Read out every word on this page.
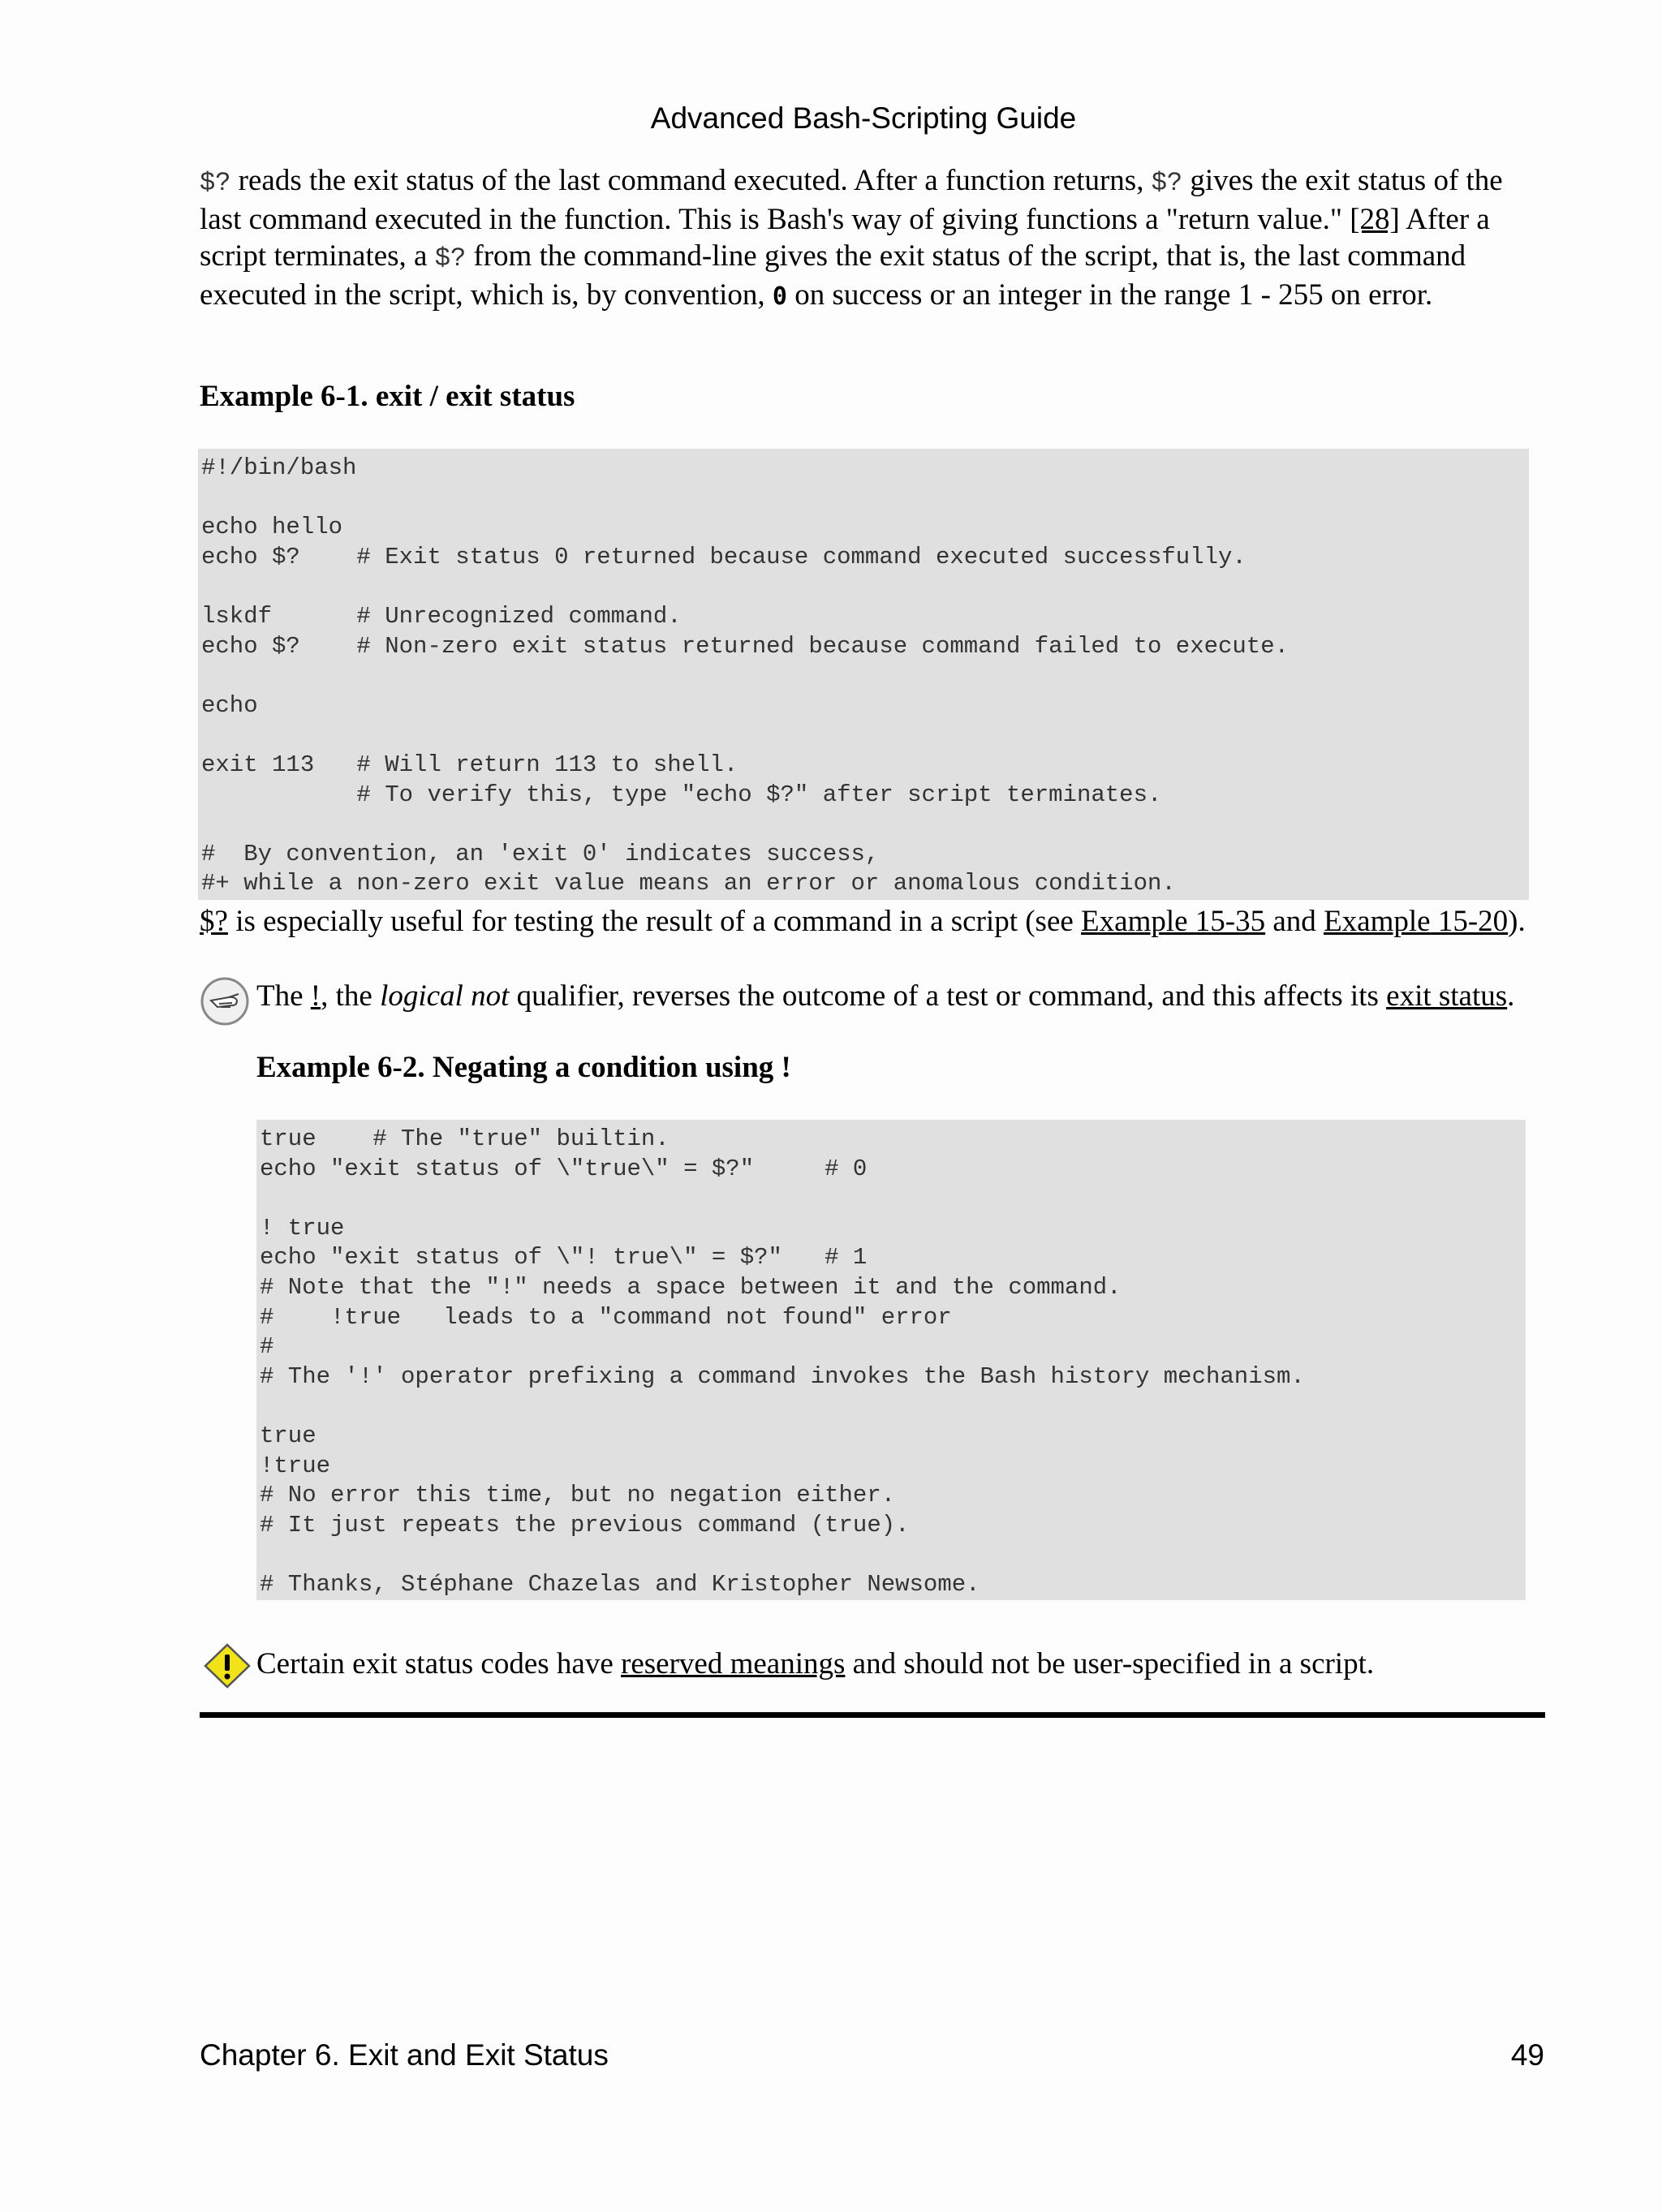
Advanced Bash-Scripting Guide
$? reads the exit status of the last command executed. After a function returns, $? gives the exit status of the last command executed in the function. This is Bash's way of giving functions a "return value." [28] After a script terminates, a $? from the command-line gives the exit status of the script, that is, the last command executed in the script, which is, by convention, 0 on success or an integer in the range 1 - 255 on error.
Example 6-1. exit / exit status
#!/bin/bash
echo hello
echo $?    # Exit status 0 returned because command executed successfully.
lskdf      # Unrecognized command.
echo $?    # Non-zero exit status returned because command failed to execute.
echo
exit 113   # Will return 113 to shell.
# To verify this, type "echo $?" after script terminates.
#  By convention, an 'exit 0' indicates success,
#+ while a non-zero exit value means an error or anomalous condition.
$? is especially useful for testing the result of a command in a script (see Example 15-35 and Example 15-20).
The !, the logical not qualifier, reverses the outcome of a test or command, and this affects its exit status.
Example 6-2. Negating a condition using !
true    # The "true" builtin.
echo "exit status of \"true\" = $?"     # 0
! true
echo "exit status of \"! true\" = $?"   # 1
# Note that the "!" needs a space between it and the command.
#    !true   leads to a "command not found" error
#
# The '!' operator prefixing a command invokes the Bash history mechanism.
true
!true
# No error this time, but no negation either.
# It just repeats the previous command (true).
# Thanks, Stéphane Chazelas and Kristopher Newsome.
Certain exit status codes have reserved meanings and should not be user-specified in a script.
Chapter 6. Exit and Exit Status	49
